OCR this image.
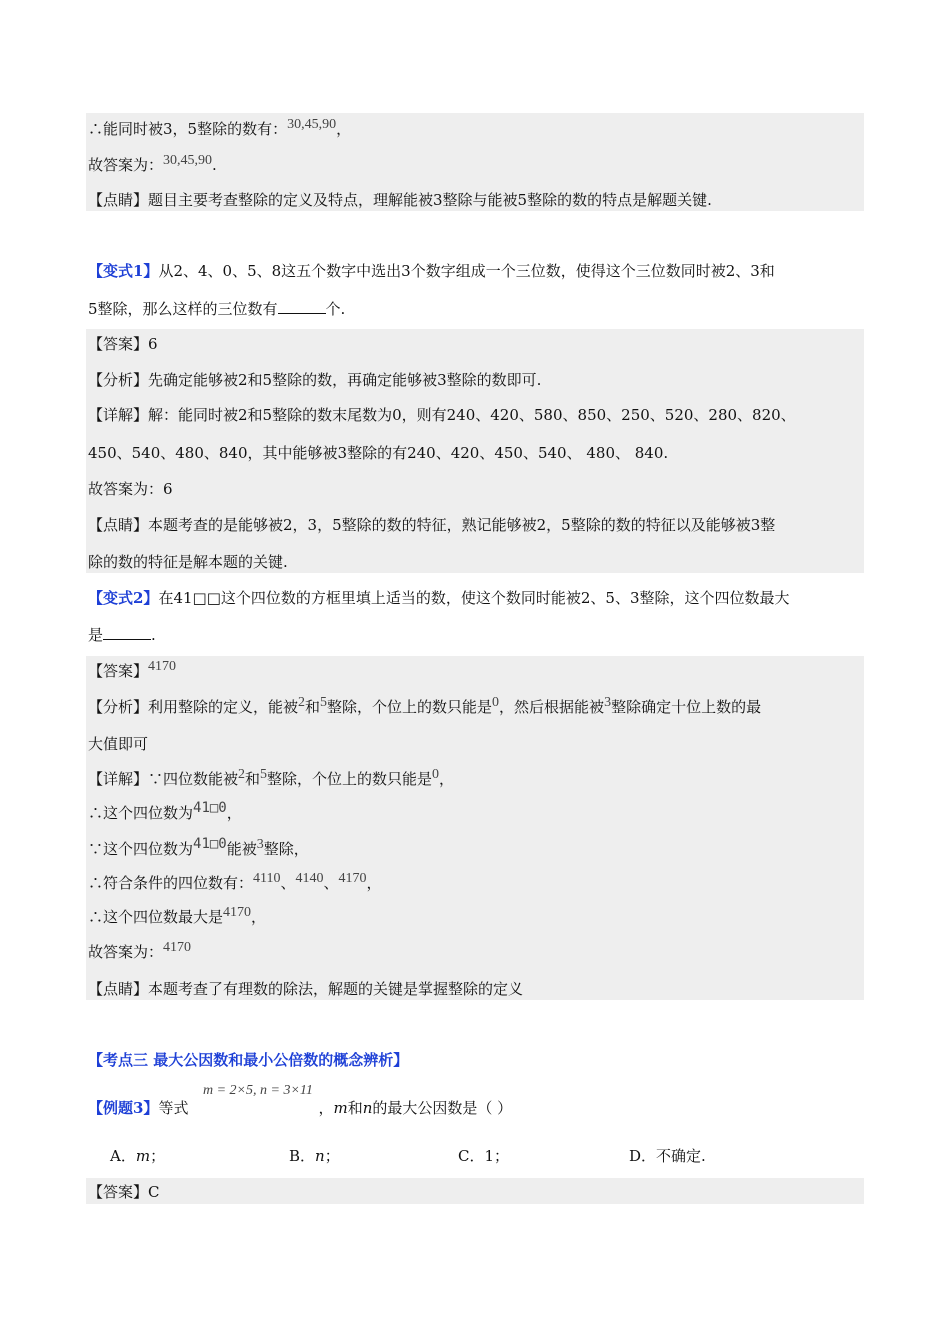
∴能同时被3，5整除的数有：30,45,90，
故答案为：30,45,90.
【点睛】题目主要考查整除的定义及特点，理解能被3整除与能被5整除的数的特点是解题关键.
【变式1】从2、4、0、5、8这五个数字中选出3个数字组成一个三位数，使得这个三位数同时被2、3和
5整除，那么这样的三位数有	个.
【答案】6
【分析】先确定能够被2和5整除的数，再确定能够被3整除的数即可.
【详解】解：能同时被2和5整除的数末尾数为0，则有240、420、580、850、250、520、280、820、
450、540、480、840，其中能够被3整除的有240、420、450、540、 480、 840.
故答案为：6
【点睛】本题考查的是能够被2，3，5整除的数的特征，熟记能够被2，5整除的数的特征以及能够被3整
除的数的特征是解本题的关键.
【变式2】在41□□这个四位数的方框里填上适当的数，使这个数同时能被2、5、3整除，这个四位数最大
是	.
【答案】4170
【分析】利用整除的定义，能被2和5整除，个位上的数只能是0，然后根据能被3整除确定十位上数的最
大值即可
【详解】∵四位数能被2和5整除，个位上的数只能是0，
∴这个四位数为41□0，
∵这个四位数为41□0能被3整除，
∴符合条件的四位数有：4110、4140、4170，
∴这个四位数最大是4170，
故答案为：4170
【点睛】本题考查了有理数的除法，解题的关键是掌握整除的定义
【考点三 最大公因数和最小公倍数的概念辨析】
m = 2×5, n = 3×11
【例题3】等式	，m和n的最大公因数是（ ）
A．m；	B．n；	C．1；	D．不确定.
【答案】C
